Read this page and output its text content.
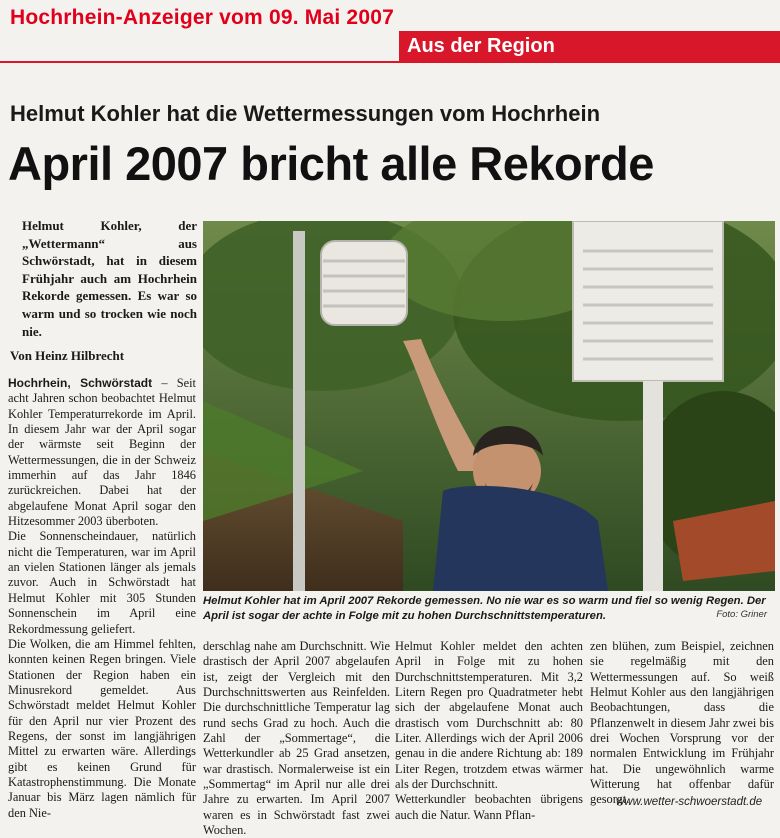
Hochrhein-Anzeiger vom 09. Mai 2007
Aus der Region
Helmut Kohler hat die Wettermessungen vom Hochrhein
April 2007 bricht alle Rekorde
Helmut Kohler, der „Wettermann“ aus Schwörstadt, hat in diesem Frühjahr auch am Hochrhein Rekorde gemessen. Es war so warm und so trocken wie noch nie.
Von Heinz Hilbrecht

Hochrhein, Schwörstadt – Seit acht Jahren schon beobachtet Helmut Kohler Temperaturrekorde im April. In diesem Jahr war der April sogar der wärmste seit Beginn der Wettermessungen, die in der Schweiz immerhin auf das Jahr 1846 zurückreichen. Dabei hat der abgelaufene Monat April sogar den Hitzesommer 2003 überboten.

Die Sonnenscheindauer, natürlich nicht die Temperaturen, war im April an vielen Stationen länger als jemals zuvor. Auch in Schwörstadt hat Helmut Kohler mit 305 Stunden Sonnenschein im April eine Rekordmessung geliefert.

Die Wolken, die am Himmel fehlten, konnten keinen Regen bringen. Viele Stationen der Region haben ein Minusrekord gemeldet. Aus Schwörstadt meldet Helmut Kohler für den April nur vier Prozent des Regens, der sonst im langjährigen Mittel zu erwarten wäre. Allerdings gibt es keinen Grund für Katastrophenstimmung. Die Monate Januar bis März lagen nämlich für den Nie-

Helmut Kohler hat im April 2007 Rekorde gemessen. No nie war es so warm und fiel so wenig Regen. Der April ist sogar der achte in Folge mit zu hohen Durchschnittstemperaturen.	Foto: Griner

derschlag nahe am Durchschnitt. Wie drastisch der April 2007 abgelaufen ist, zeigt der Vergleich mit den Durchschnittswerten aus Reinfelden. Die durchschnittliche Temperatur lag rund sechs Grad zu hoch. Auch die Zahl der „Sommertage“, die Wetterkundler ab 25 Grad ansetzen, war drastisch. Normalerweise ist ein „Sommertag“ im April nur alle drei Jahre zu erwarten. Im April 2007 waren es in Schwörstadt fast zwei Wochen.

Helmut Kohler meldet den achten April in Folge mit zu hohen Durchschnittstemperaturen. Mit 3,2 Litern Regen pro Quadratmeter hebt sich der abgelaufene Monat auch drastisch vom Durchschnitt ab: 80 Liter. Allerdings wich der April 2006 genau in die andere Richtung ab: 189 Liter Regen, trotzdem etwas wärmer als der Durchschnitt.

Wetterkundler beobachten übrigens auch die Natur. Wann Pflan-

zen blühen, zum Beispiel, zeichnen sie regelmäßig mit den Wettermessungen auf. So weiß Helmut Kohler aus den langjährigen Beobachtungen, dass die Pflanzenwelt in diesem Jahr zwei bis drei Wochen Vorsprung vor der normalen Entwicklung im Frühjahr hat. Die ungewöhnlich warme Witterung hat offenbar dafür gesorgt.

www.wetter-schwoerstadt.de
